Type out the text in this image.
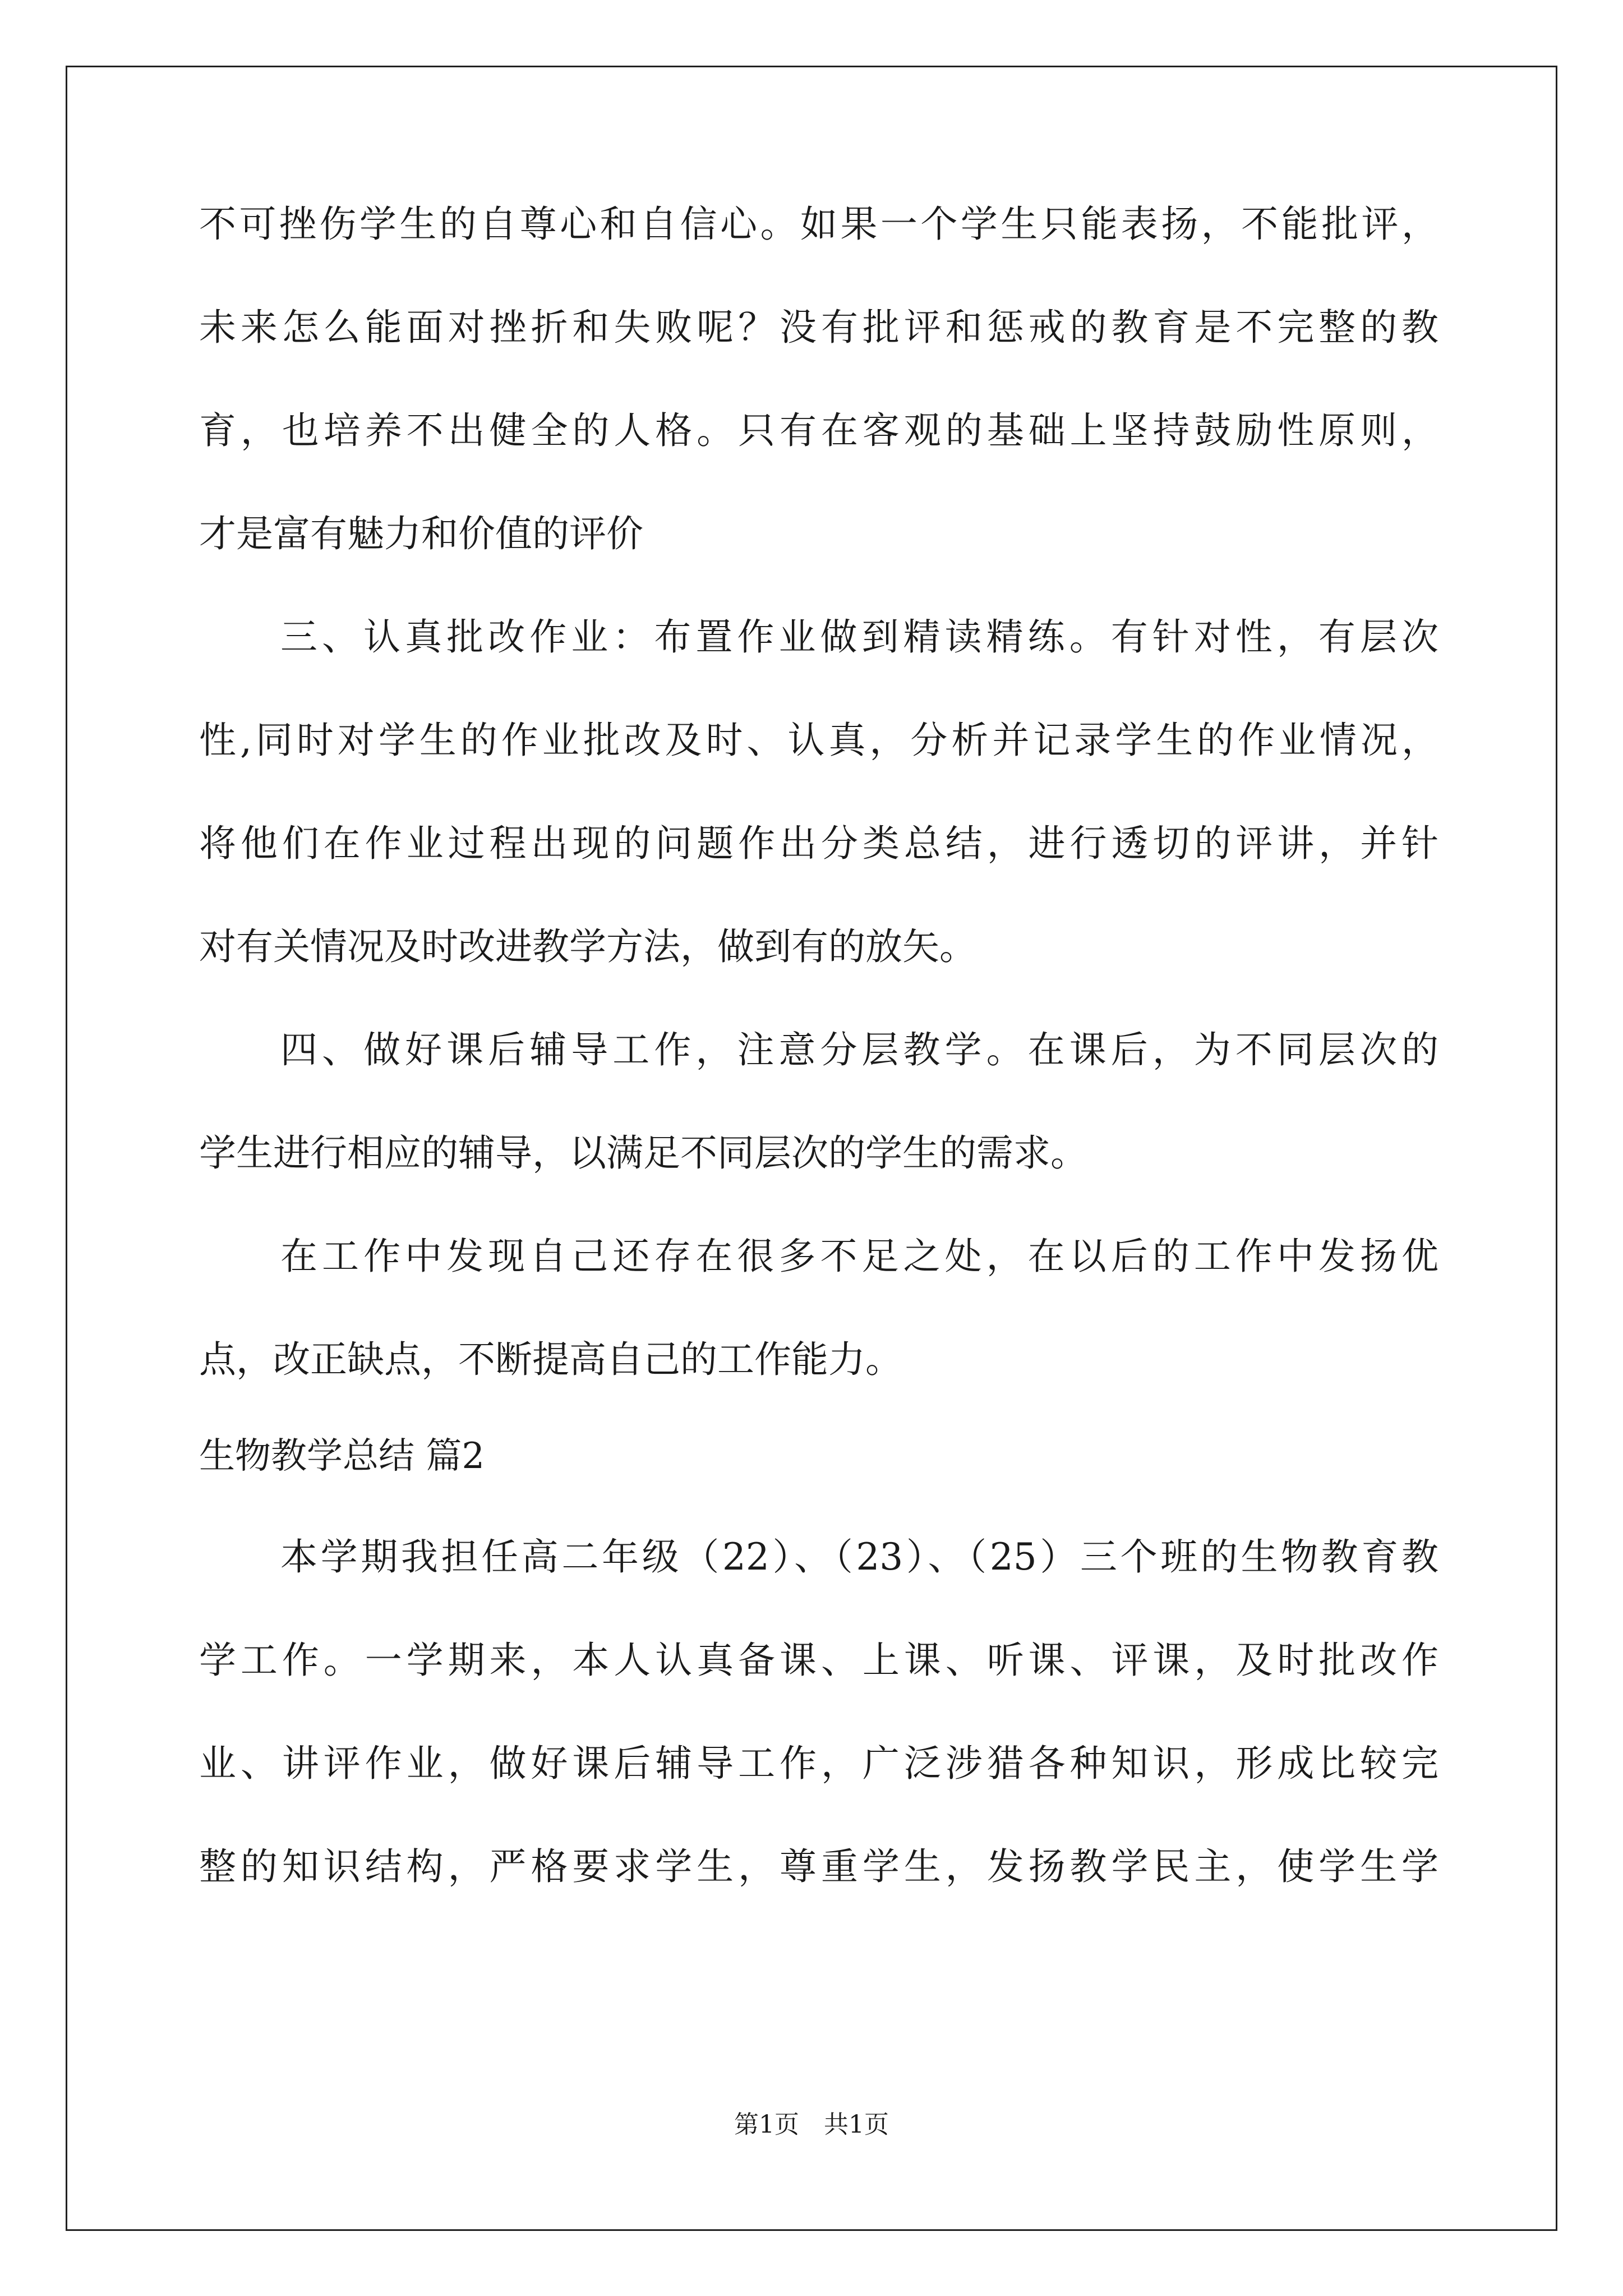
不可挫伤学生的自尊心和自信心。如果一个学生只能表扬，不能批评，
未来怎么能面对挫折和失败呢？没有批评和惩戒的教育是不完整的教
育，也培养不出健全的人格。只有在客观的基础上坚持鼓励性原则，
才是富有魅力和价值的评价
三、认真批改作业：布置作业做到精读精练。有针对性，有层次
性,同时对学生的作业批改及时、认真，分析并记录学生的作业情况，
将他们在作业过程出现的问题作出分类总结，进行透切的评讲，并针
对有关情况及时改进教学方法，做到有的放矢。
四、做好课后辅导工作，注意分层教学。在课后，为不同层次的
学生进行相应的辅导，以满足不同层次的学生的需求。
在工作中发现自己还存在很多不足之处，在以后的工作中发扬优
点，改正缺点，不断提高自己的工作能力。
生物教学总结 篇2
本学期我担任高二年级（22）、（23）、（25）三个班的生物教育教
学工作。一学期来，本人认真备课、上课、听课、评课，及时批改作
业、讲评作业，做好课后辅导工作，广泛涉猎各种知识，形成比较完
整的知识结构，严格要求学生，尊重学生，发扬教学民主，使学生学
第1页　共1页
